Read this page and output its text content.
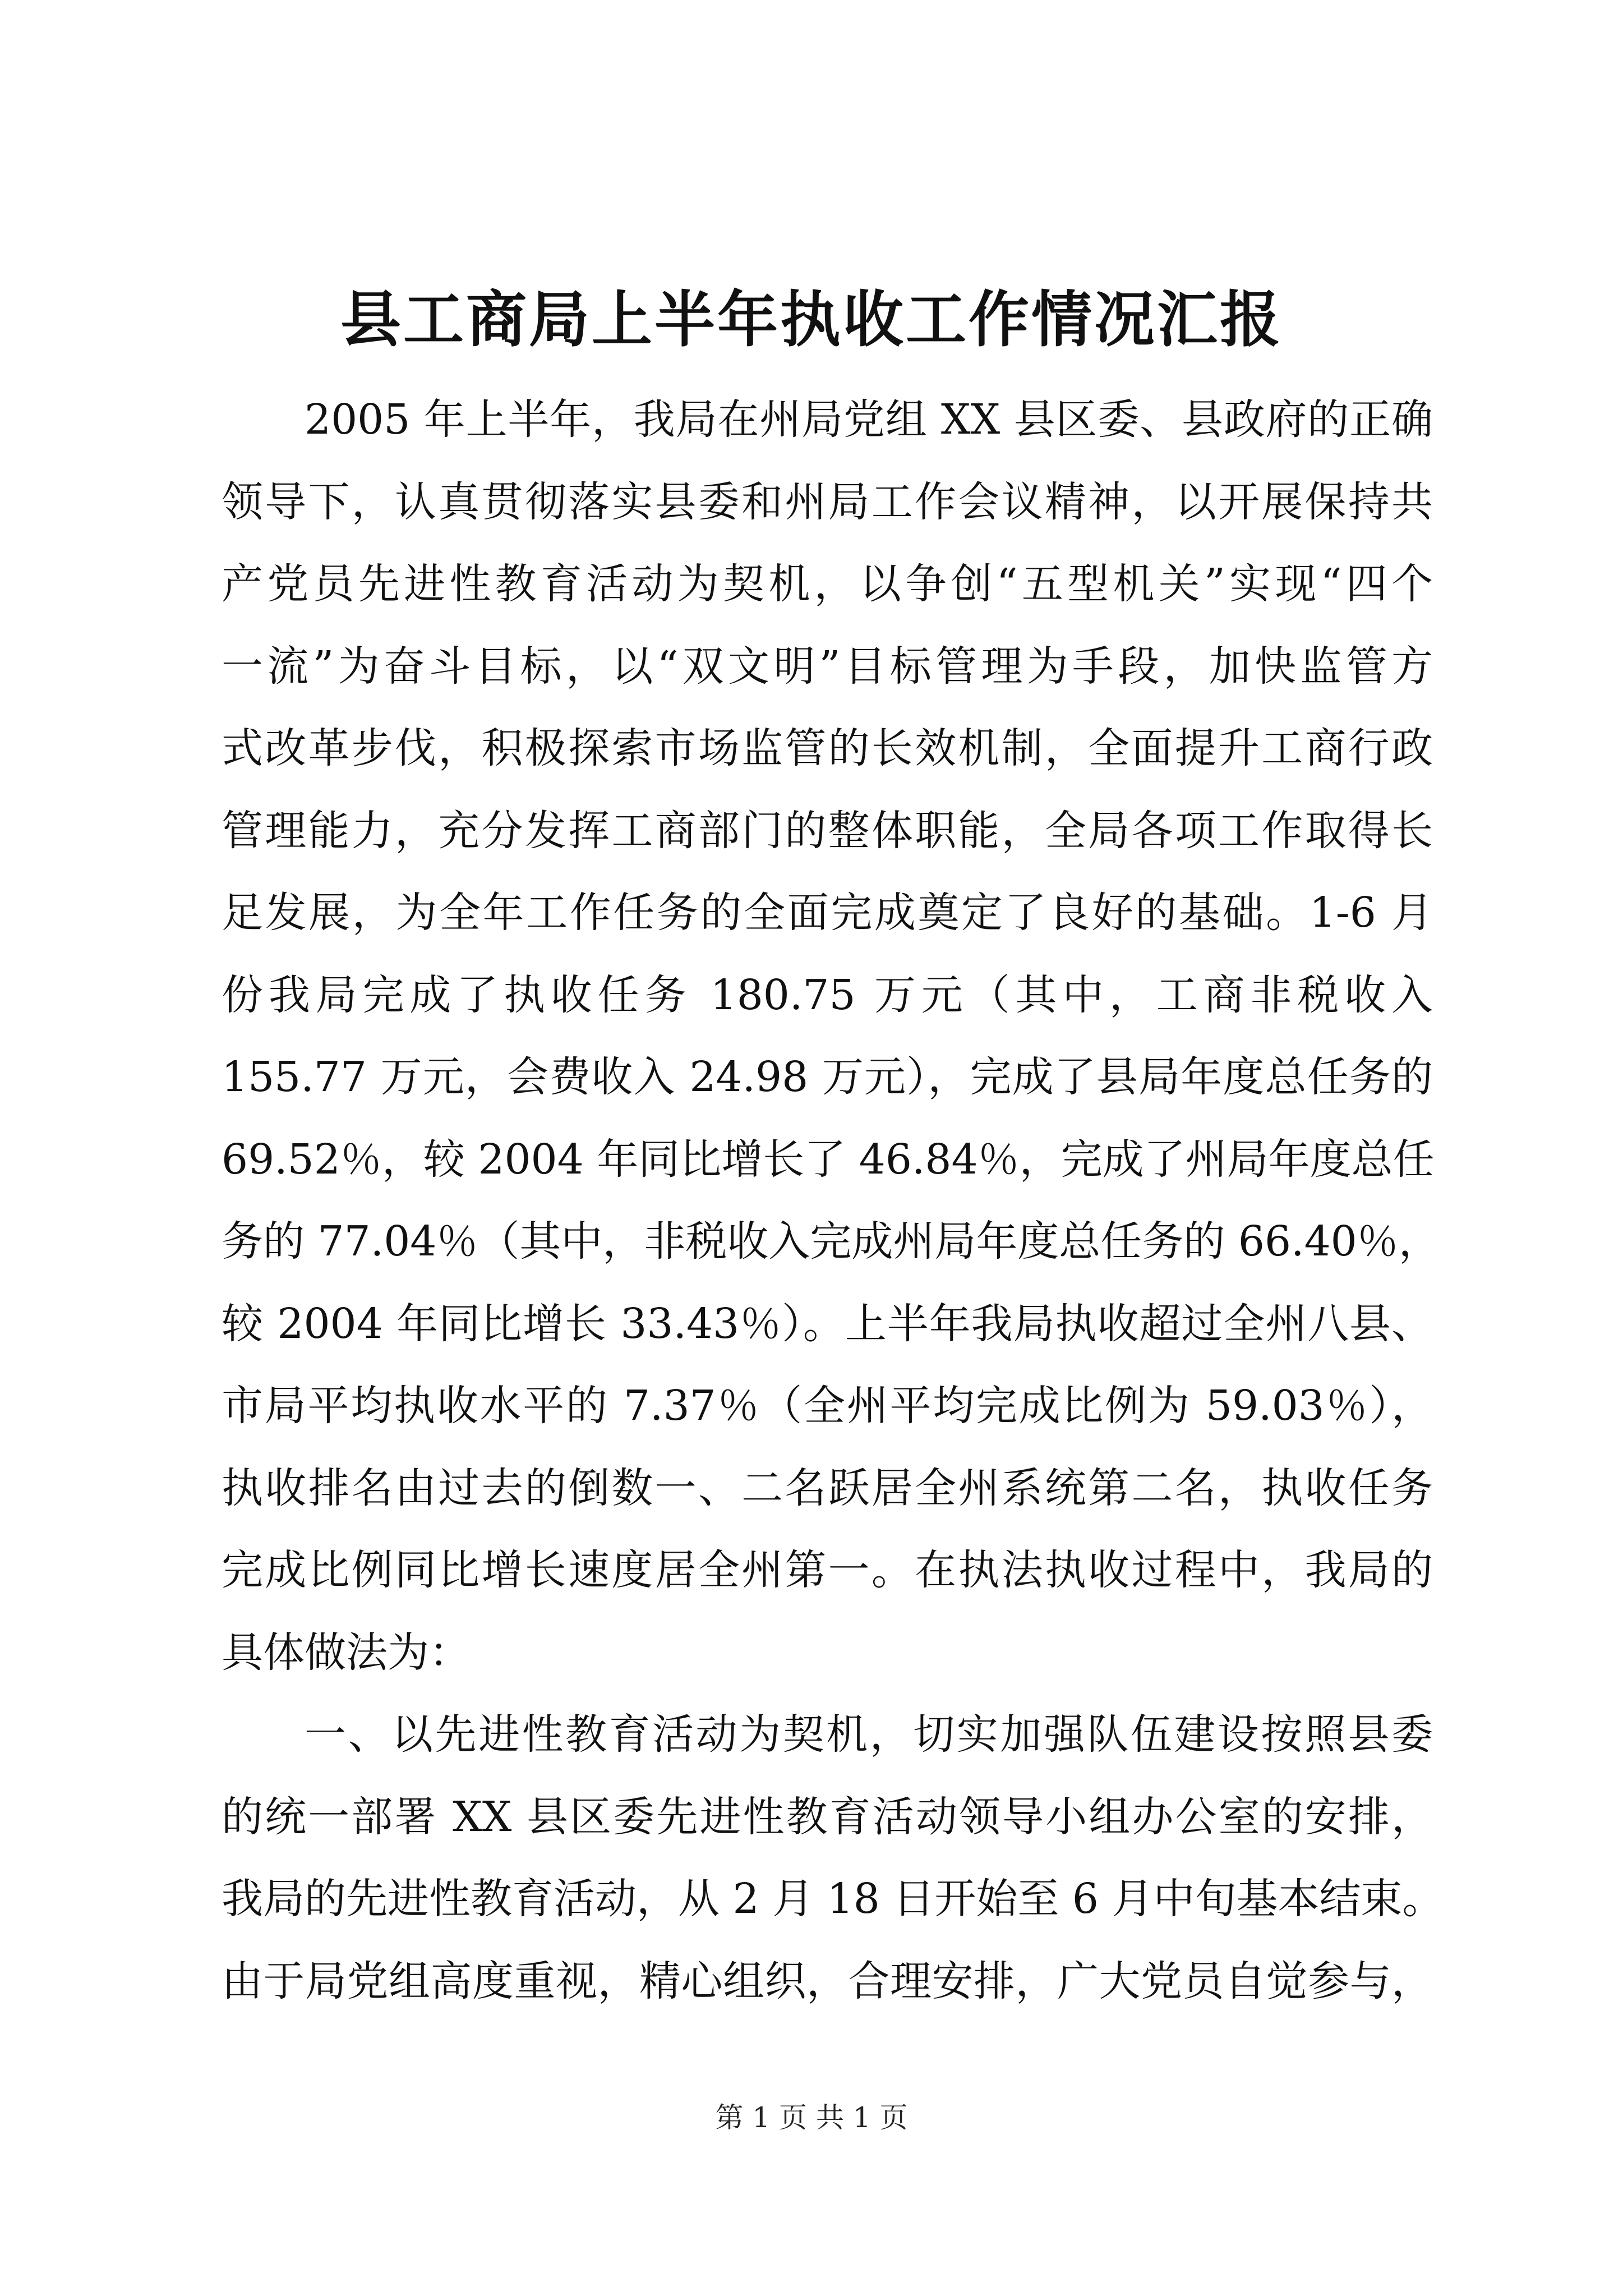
县工商局上半年执收工作情况汇报
2005 年上半年，我局在州局党组 XX 县区委、县政府的正确
领导下，认真贯彻落实县委和州局工作会议精神，以开展保持共
产党员先进性教育活动为契机，以争创“五型机关”实现“四个
一流”为奋斗目标，以“双文明”目标管理为手段，加快监管方
式改革步伐，积极探索市场监管的长效机制，全面提升工商行政
管理能力，充分发挥工商部门的整体职能，全局各项工作取得长
足发展，为全年工作任务的全面完成奠定了良好的基础。1-6 月
份我局完成了执收任务 180.75 万元（其中，工商非税收入
155.77 万元，会费收入 24.98 万元），完成了县局年度总任务的
69.52％，较 2004 年同比增长了 46.84％，完成了州局年度总任
务的 77.04％（其中，非税收入完成州局年度总任务的 66.40％，
较 2004 年同比增长 33.43％）。上半年我局执收超过全州八县、
市局平均执收水平的 7.37％（全州平均完成比例为 59.03％），
执收排名由过去的倒数一、二名跃居全州系统第二名，执收任务
完成比例同比增长速度居全州第一。在执法执收过程中，我局的
具体做法为：
一、以先进性教育活动为契机，切实加强队伍建设按照县委
的统一部署 XX 县区委先进性教育活动领导小组办公室的安排，
我局的先进性教育活动，从 2 月 18 日开始至 6 月中旬基本结束。
由于局党组高度重视，精心组织，合理安排，广大党员自觉参与，
第 1 页 共 1 页
